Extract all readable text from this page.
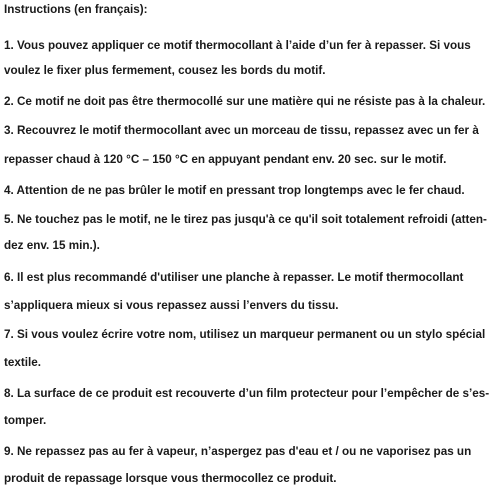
Instructions (en français):
1. Vous pouvez appliquer ce motif thermocollant à l’aide d’un fer à repasser. Si vous
voulez le fixer plus fermement, cousez les bords du motif.
2. Ce motif ne doit pas être thermocollé sur une matière qui ne résiste pas à la chaleur.
3. Recouvrez le motif thermocollant avec un morceau de tissu, repassez avec un fer à
repasser chaud à 120 °C – 150 °C en appuyant pendant env. 20 sec. sur le motif.
4. Attention de ne pas brûler le motif en pressant trop longtemps avec le fer chaud.
5. Ne touchez pas le motif, ne le tirez pas jusqu'à ce qu'il soit totalement refroidi (atten-
dez env. 15 min.).
6. Il est plus recommandé d'utiliser une planche à repasser. Le motif thermocollant
s’appliquera mieux si vous repassez aussi l’envers du tissu.
7. Si vous voulez écrire votre nom, utilisez un marqueur permanent ou un stylo spécial
textile.
8. La surface de ce produit est recouverte d’un film protecteur pour l’empêcher de s’es-
tomper.
9. Ne repassez pas au fer à vapeur, n’aspergez pas d'eau et / ou ne vaporisez pas un
produit de repassage lorsque vous thermocollez ce produit.
